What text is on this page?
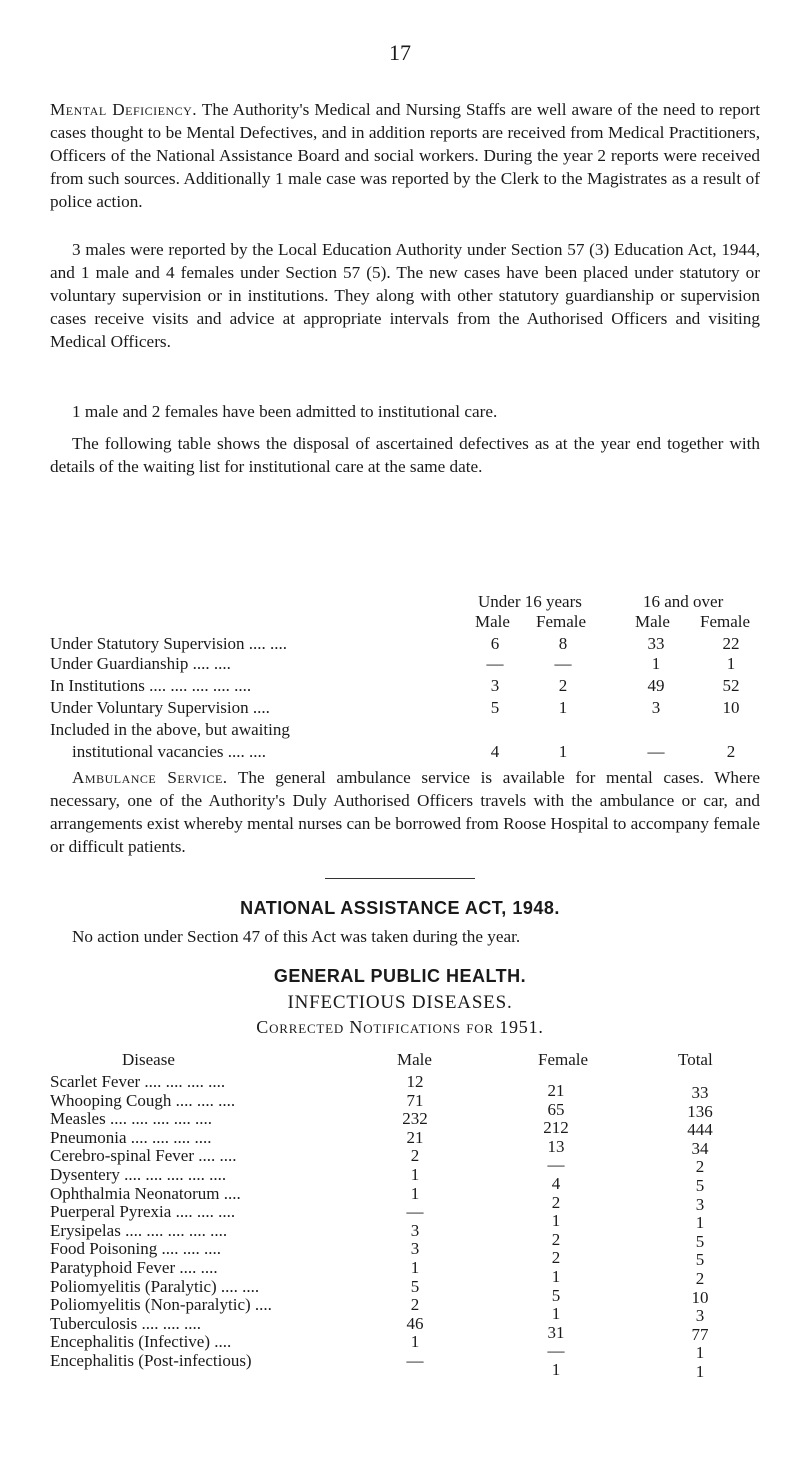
17

Mental Deficiency. The Authority's Medical and Nursing Staffs are well aware of the need to report cases thought to be Mental Defectives, and in addition reports are received from Medical Practitioners, Officers of the National Assistance Board and social workers. During the year 2 reports were received from such sources. Additionally 1 male case was reported by the Clerk to the Magistrates as a result of police action.

3 males were reported by the Local Education Authority under Section 57 (3) Education Act, 1944, and 1 male and 4 females under Section 57 (5). The new cases have been placed under statutory or voluntary supervision or in institutions. They along with other statutory guardianship or supervision cases receive visits and advice at appropriate intervals from the Authorised Officers and visiting Medical Officers.

1 male and 2 females have been admitted to institutional care.

The following table shows the disposal of ascertained defectives as at the year end together with details of the waiting list for institutional care at the same date.

Under 16 years	16 and over
Male Female	Male Female
Under Statutory Supervision .... ....	6	8	33	22
Under Guardianship .... ....	—	—	1	1
In Institutions .... .... .... .... ....	3	2	49	52
Under Voluntary Supervision ....	5	1	3	10
Included in the above, but awaiting
institutional vacancies .... ....	4	1	—	2

Ambulance Service. The general ambulance service is available for mental cases. Where necessary, one of the Authority's Duly Authorised Officers travels with the ambulance or car, and arrangements exist whereby mental nurses can be borrowed from Roose Hospital to accompany female or difficult patients.

NATIONAL ASSISTANCE ACT, 1948.

No action under Section 47 of this Act was taken during the year.

GENERAL PUBLIC HEALTH.
INFECTIOUS DISEASES.
Corrected Notifications for 1951.
Disease	Male	Female	Total
Scarlet Fever .... .... .... ....	12	21	33
Whooping Cough .... .... ....	71	65	136
Measles .... .... .... .... ....	232	212	444
Pneumonia .... .... .... ....	21	13	34
Cerebro-spinal Fever .... ....	2	—	2
Dysentery .... .... .... .... ....	1	4	5
Ophthalmia Neonatorum ....	1	2	3
Puerperal Pyrexia .... .... ....	—	1	1
Erysipelas .... .... .... .... ....	3	2	5
Food Poisoning .... .... ....	3	2	5
Paratyphoid Fever .... ....	1	1	2
Poliomyelitis (Paralytic) .... ....	5	5	10
Poliomyelitis (Non-paralytic) ....	2	1	3
Tuberculosis .... .... ....	46	31	77
Encephalitis (Infective) ....	1	—	1
Encephalitis (Post-infectious)	—	1	1
